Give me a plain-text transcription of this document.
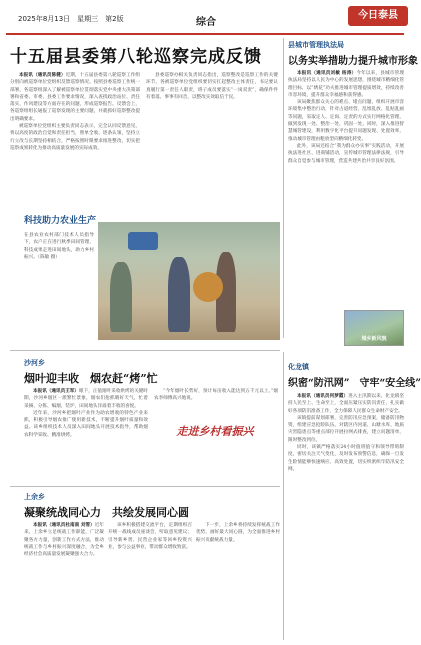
2025年8月13日　星期三　第2版	综合
今日泰县
十五届县委第八轮巡察完成反馈

本报讯（通讯员陈健）近期，十五届县委第八轮巡察工作组分别向被巡察单位党组织反馈巡察情况。按照县委巡察工作统一部署，各巡察组深入了解被巡察单位贯彻落实党中央重大决策部署和省委、市委、县委工作要求情况，深入查找政治站位、责任落实、作风建设等方面存在的问题，形成巡察报告。反馈会上，各巡察组组长通报了巡察发现的主要问题，并就抓好巡察整改提出明确要求。

被巡察单位党组织主要负责同志表示，完全认同反馈意见，将以高度的政治自觉和责任担当，照单全收、逐条认领，坚持立行立改与长期坚持相结合，严格按照时限要求推进整改，切实把巡察成果转化为推动高质量发展的实际成效。

县委巡察办相关负责同志指出，巡察整改是巡察工作的关键环节，各被巡察单位党组织要切实扛起整改主体责任，书记要认真履行第一责任人职责，班子成员要落实“一岗双责”，确保件件有着落、事事有回音，以整改实效取信于民。

县城市管理执法局
以务实举措助力提升城市形象

本报讯（通讯员刘敏 杨涛）今年以来，县城市管理执法局坚持以人民为中心的发展思想，围绕城市精细化管理目标，以“绣花”功夫推进城市管理提质增效，持续改善市容环境，提升群众幸福感和获得感。

该局聚焦群众关心的难点、堵点问题，组织开展市容环境集中整治行动，针对占道经营、乱堆乱放、乱贴乱画等问题，采取定人、定岗、定责的方式实行网格化管理，做到发现一处、整治一处、巩固一处。同时，深入推进智慧城管建设，利用数字化平台提升问题发现、处置效率，推动城市管理由粗放型向精细化转变。

此外，该局还结合“我为群众办实事”实践活动，开展执法进社区、进商铺活动，宣传城市管理法律法规，引导群众自觉参与城市管理，营造共建共治共享良好氛围。

科技助力农业生产
在县农业农村部门技术人员指导下，农户正在进行秋季田间管理，科技成果走进田间地头，助力乡村振兴。（陈敏 摄）
走进乡村看振兴
沙河乡
烟叶迎丰收　烟农赶“烤”忙

本报讯（通讯员王军）眼下，正值烟叶采收烘烤的关键时期，沙河乡烟区一派繁忙景象，烟农们抢抓晴好天气，忙着采摘、分拣、编烟、装炉，田间地头洋溢着丰收的喜悦。

近年来，沙河乡把烟叶产业作为助农增收的特色产业来抓，积极引导烟农推广使用新技术，不断提升烟叶质量和效益。该乡组织技术人员深入田间地头开展技术指导，帮助烟农科学采收、精准烘烤。

“今年烟叶长势好，预计每亩收入能达到五千元以上。”烟农李师傅高兴地说。

化龙镇
织密“防汛网”　守牢“安全线”

本报讯（通讯员何梦霞）进入主汛期以来，化龙镇坚持人民至上、生命至上，全面压紧压实防汛责任，扎实做好各项防汛准备工作，全力保障人民群众生命财产安全。

该镇提前谋划部署，完善防汛应急预案，储备防汛物资，组建应急抢险队伍。对辖区内河道、山塘水库、地质灾害隐患点等重点部位开展拉网式排查，建立问题清单，限时整改到位。

同时，该镇严格落实24小时值班值守和领导带班制度，密切关注天气变化，及时发布预警信息，确保一旦发生险情能够快速响应、高效处置，切实织密织牢防汛安全网。

上余乡
凝聚统战同心力　共绘发展同心圆

本报讯（通讯员杜南南 刘雪）近年来，上余乡立足统战工作职能，广泛凝聚各方力量，创新工作方式方法，推动统战工作与乡村振兴深度融合，为全乡经济社会高质量发展凝聚强大合力。

该乡积极搭建交流平台，定期组织召开统一战线成员座谈会，听取意见建议；引导新乡贤、民营企业家等回乡投资兴业，参与公益事业，带动群众增收致富。

下一步，上余乡将持续发挥统战工作优势，画好最大同心圆，为全面推进乡村振兴贡献统战力量。

城乡新风貌
